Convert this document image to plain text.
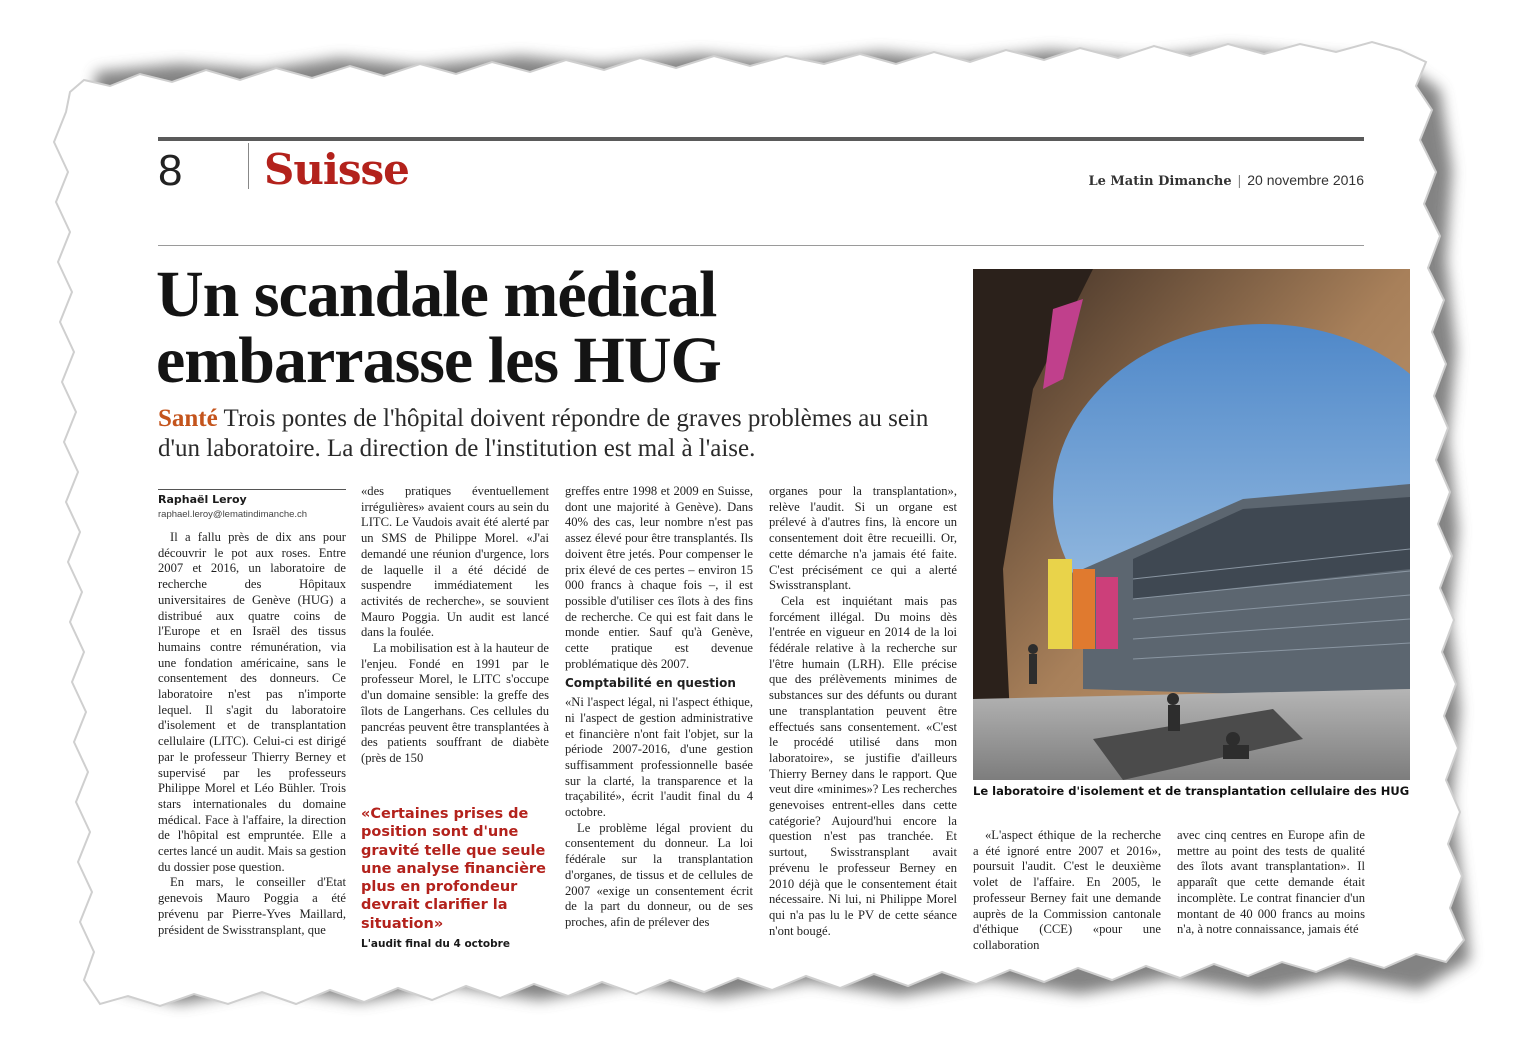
8 Suisse	Le Matin Dimanche | 20 novembre 2016
Un scandale médical
embarrasse les HUG
Santé Trois pontes de l'hôpital doivent répondre de graves problèmes au sein d'un laboratoire. La direction de l'institution est mal à l'aise.
Raphaël Leroy
raphael.leroy@lematindimanche.ch

Il a fallu près de dix ans pour découvrir le pot aux roses. Entre 2007 et 2016, un laboratoire de recherche des Hôpitaux universitaires de Genève (HUG) a distribué aux quatre coins de l'Europe et en Israël des tissus humains contre rémunération, via une fondation américaine, sans le consentement des donneurs. Ce laboratoire n'est pas n'importe lequel. Il s'agit du laboratoire d'isolement et de transplantation cellulaire (LITC). Celui-ci est dirigé par le professeur Thierry Berney et supervisé par les professeurs Philippe Morel et Léo Bühler. Trois stars internationales du domaine médical. Face à l'affaire, la direction de l'hôpital est empruntée. Elle a certes lancé un audit. Mais sa gestion du dossier pose question.

En mars, le conseiller d'Etat genevois Mauro Poggia a été prévenu par Pierre-Yves Maillard, président de Swisstransplant, que

«des pratiques éventuellement irrégulières» avaient cours au sein du LITC. Le Vaudois avait été alerté par un SMS de Philippe Morel. «J'ai demandé une réunion d'urgence, lors de laquelle il a été décidé de suspendre immédiatement les activités de recherche», se souvient Mauro Poggia. Un audit est lancé dans la foulée.

La mobilisation est à la hauteur de l'enjeu. Fondé en 1991 par le professeur Morel, le LITC s'occupe d'un domaine sensible: la greffe des îlots de Langerhans. Ces cellules du pancréas peuvent être transplantées à des patients souffrant de diabète (près de 150

«Certaines prises de position sont d'une gravité telle que seule une analyse financière plus en profondeur devrait clarifier la situation»
L'audit final du 4 octobre

greffes entre 1998 et 2009 en Suisse, dont une majorité à Genève). Dans 40% des cas, leur nombre n'est pas assez élevé pour être transplantés. Ils doivent être jetés. Pour compenser le prix élevé de ces pertes – environ 15 000 francs à chaque fois –, il est possible d'utiliser ces îlots à des fins de recherche. Ce qui est fait dans le monde entier. Sauf qu'à Genève, cette pratique est devenue problématique dès 2007.

Comptabilité en question

«Ni l'aspect légal, ni l'aspect éthique, ni l'aspect de gestion administrative et financière n'ont fait l'objet, sur la période 2007-2016, d'une gestion suffisamment professionnelle basée sur la clarté, la transparence et la traçabilité», écrit l'audit final du 4 octobre.

Le problème légal provient du consentement du donneur. La loi fédérale sur la transplantation d'organes, de tissus et de cellules de 2007 «exige un consentement écrit de la part du donneur, ou de ses proches, afin de prélever des

organes pour la transplantation», relève l'audit. Si un organe est prélevé à d'autres fins, là encore un consentement doit être recueilli. Or, cette démarche n'a jamais été faite. C'est précisément ce qui a alerté Swisstransplant.

Cela est inquiétant mais pas forcément illégal. Du moins dès l'entrée en vigueur en 2014 de la loi fédérale relative à la recherche sur l'être humain (LRH). Elle précise que des prélèvements minimes de substances sur des défunts ou durant une transplantation peuvent être effectués sans consentement. «C'est le procédé utilisé dans mon laboratoire», se justifie d'ailleurs Thierry Berney dans le rapport. Que veut dire «minimes»? Les recherches genevoises entrent-elles dans cette catégorie? Aujourd'hui encore la question n'est pas tranchée. Et surtout, Swisstransplant avait prévenu le professeur Berney en 2010 déjà que le consentement était nécessaire. Ni lui, ni Philippe Morel qui n'a pas lu le PV de cette séance n'ont bougé.

Le laboratoire d'isolement et de transplantation cellulaire des HUG

«L'aspect éthique de la recherche a été ignoré entre 2007 et 2016», poursuit l'audit. C'est le deuxième volet de l'affaire. En 2005, le professeur Berney fait une demande auprès de la Commission cantonale d'éthique (CCE) «pour une collaboration

avec cinq centres en Europe afin de mettre au point des tests de qualité des îlots avant transplantation». Il apparaît que cette demande était incomplète. Le contrat financier d'un montant de 40 000 francs au moins n'a, à notre connaissance, jamais été
